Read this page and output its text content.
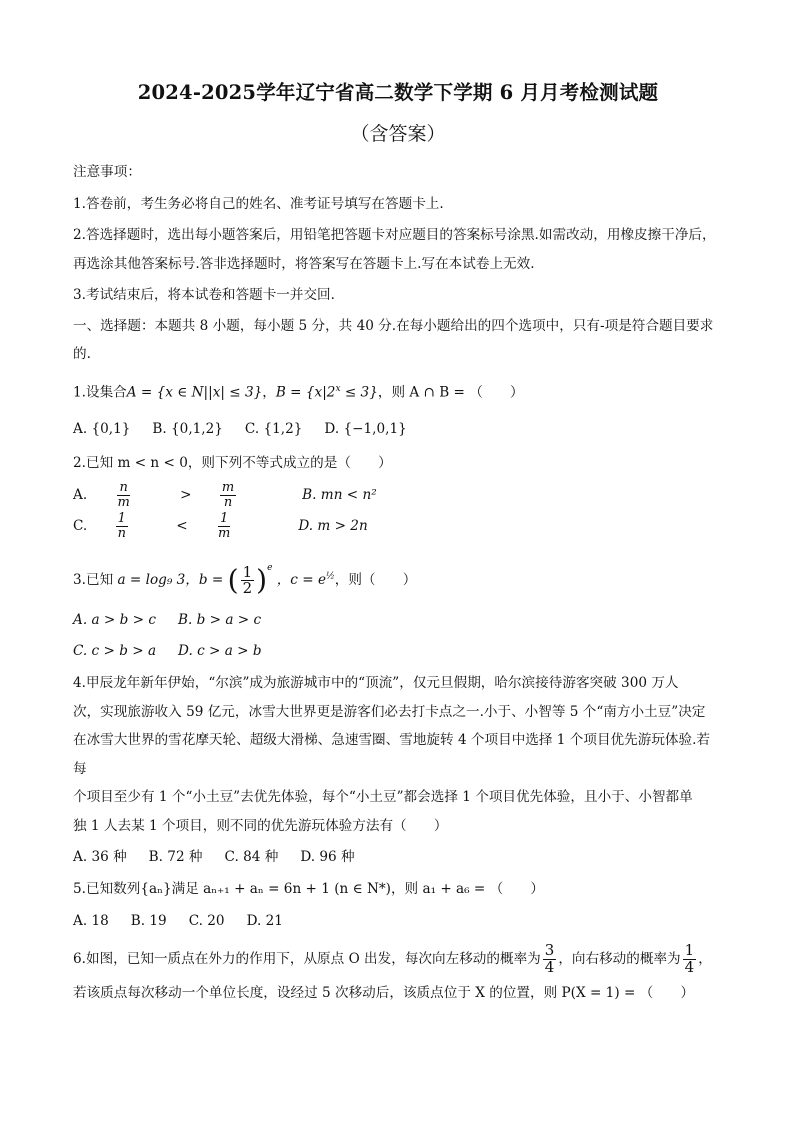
2024-2025学年辽宁省高二数学下学期 6 月月考检测试题
（含答案）

注意事项：

1.答卷前，考生务必将自己的姓名、准考证号填写在答题卡上.

2.答选择题时，选出每小题答案后，用铅笔把答题卡对应题目的答案标号涂黑.如需改动，用橡皮擦干净后，

再选涂其他答案标号.答非选择题时，将答案写在答题卡上.写在本试卷上无效.

3.考试结束后，将本试卷和答题卡一并交回.

一、选择题：本题共 8 小题，每小题 5 分，共 40 分.在每小题给出的四个选项中，只有-项是符合题目要求

的.

1.设集合A = {x ∈ N||x| ≤ 3}，$B = \{x|2^x \le 3\}$，则 A ∩ B = （　　）

A. {0,1} B. {0,1,2} C. {1,2} D. {−1,0,1}

2.已知 m < n < 0，则下列不等式成立的是（　　）

A. $\frac{n}{m} > \frac{m}{n}$	B. mn < n²
C. $\frac{1}{n} < \frac{1}{m}$	D. m > 2n

3.已知 a = log₉ 3，b = ( $\frac{1}{2} )^e$ ，$c = e^{\frac{1}{2}}$，则（　　）

A. a > b > c B. b > a > c
C. c > b > a D. c > a > b

4.甲辰龙年新年伊始，“尔滨”成为旅游城市中的“顶流”，仅元旦假期，哈尔滨接待游客突破 300 万人

次，实现旅游收入 59 亿元，冰雪大世界更是游客们必去打卡点之一.小于、小智等 5 个“南方小土豆”决定

在冰雪大世界的雪花摩天轮、超级大滑梯、急速雪圈、雪地旋转 4 个项目中选择 1 个项目优先游玩体验.若每

个项目至少有 1 个“小土豆”去优先体验，每个“小土豆”都会选择 1 个项目优先体验，且小于、小智都单

独 1 人去某 1 个项目，则不同的优先游玩体验方法有（　　）

A. 36 种 B. 72 种 C. 84 种 D. 96 种

5.已知数列{aₙ}满足 aₙ₊₁ + aₙ = 6n + 1 (n ∈ N*)，则 a₁ + a₆ = （　　）

A. 18 B. 19 C. 20 D. 21

6.如图，已知一质点在外力的作用下，从原点 O 出发，每次向左移动的概率为 $\frac{3}{4}$ ，向右移动的概率为 $\frac{1}{4}$ ，

若该质点每次移动一个单位长度，设经过 5 次移动后，该质点位于 X 的位置，则 P(X = 1) = （　　）
